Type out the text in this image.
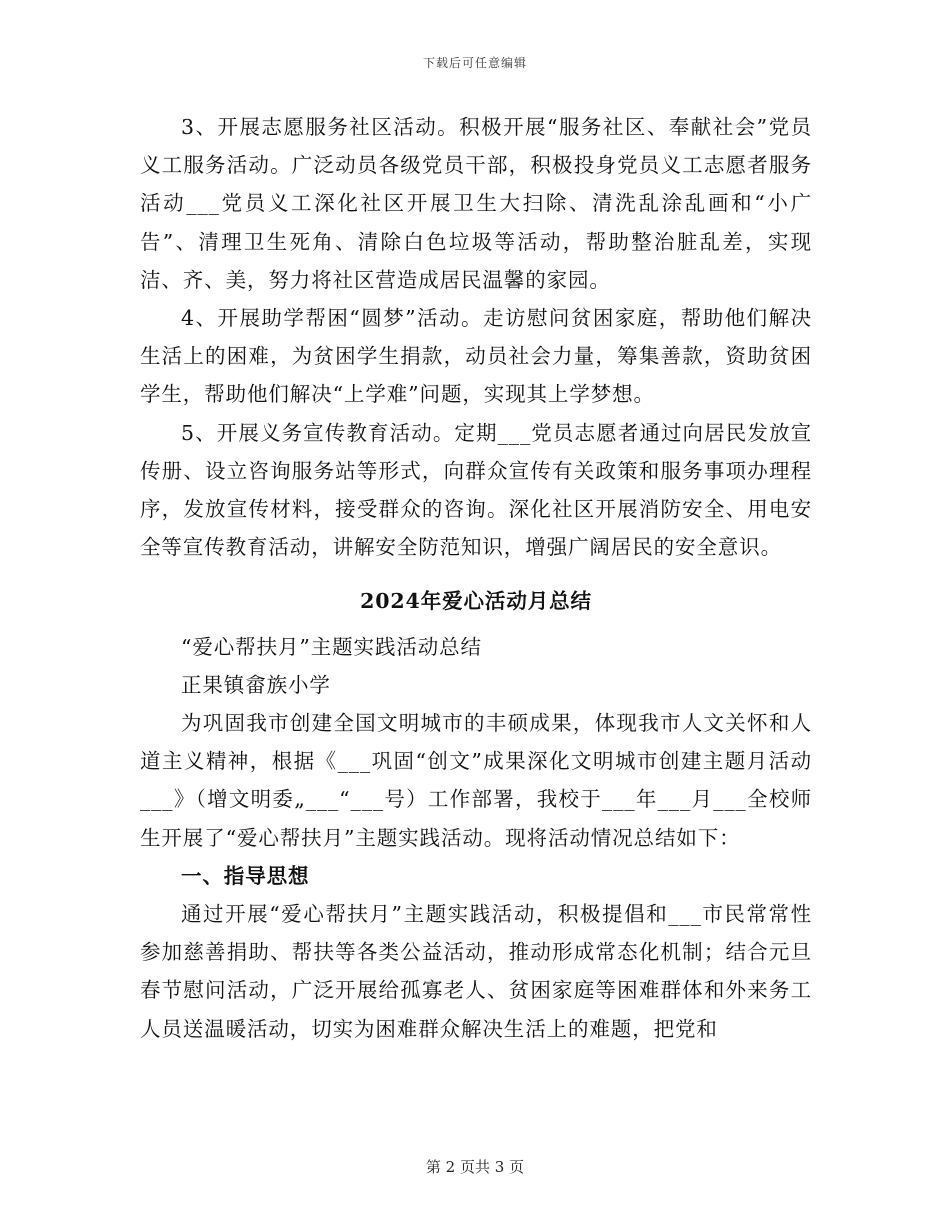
下载后可任意编辑

3、开展志愿服务社区活动。积极开展“服务社区、奉献社会”党员义工服务活动。广泛动员各级党员干部，积极投身党员义工志愿者服务活动___党员义工深化社区开展卫生大扫除、清洗乱涂乱画和“小广告”、清理卫生死角、清除白色垃圾等活动，帮助整治脏乱差，实现洁、齐、美，努力将社区营造成居民温馨的家园。

4、开展助学帮困“圆梦”活动。走访慰问贫困家庭，帮助他们解决生活上的困难，为贫困学生捐款，动员社会力量，筹集善款，资助贫困学生，帮助他们解决“上学难”问题，实现其上学梦想。

5、开展义务宣传教育活动。定期___党员志愿者通过向居民发放宣传册、设立咨询服务站等形式，向群众宣传有关政策和服务事项办理程序，发放宣传材料，接受群众的咨询。深化社区开展消防安全、用电安全等宣传教育活动，讲解安全防范知识，增强广阔居民的安全意识。

2024年爱心活动月总结

“爱心帮扶月”主题实践活动总结

正果镇畲族小学

为巩固我市创建全国文明城市的丰硕成果，体现我市人文关怀和人道主义精神，根据《___巩固“创文”成果深化文明城市创建主题月活动___》（增文明委„___“___号）工作部署，我校于___年___月___全校师生开展了“爱心帮扶月”主题实践活动。现将活动情况总结如下：

一、指导思想

通过开展“爱心帮扶月”主题实践活动，积极提倡和___市民常常性参加慈善捐助、帮扶等各类公益活动，推动形成常态化机制；结合元旦春节慰问活动，广泛开展给孤寡老人、贫困家庭等困难群体和外来务工人员送温暖活动，切实为困难群众解决生活上的难题，把党和

第 2 页共 3 页
